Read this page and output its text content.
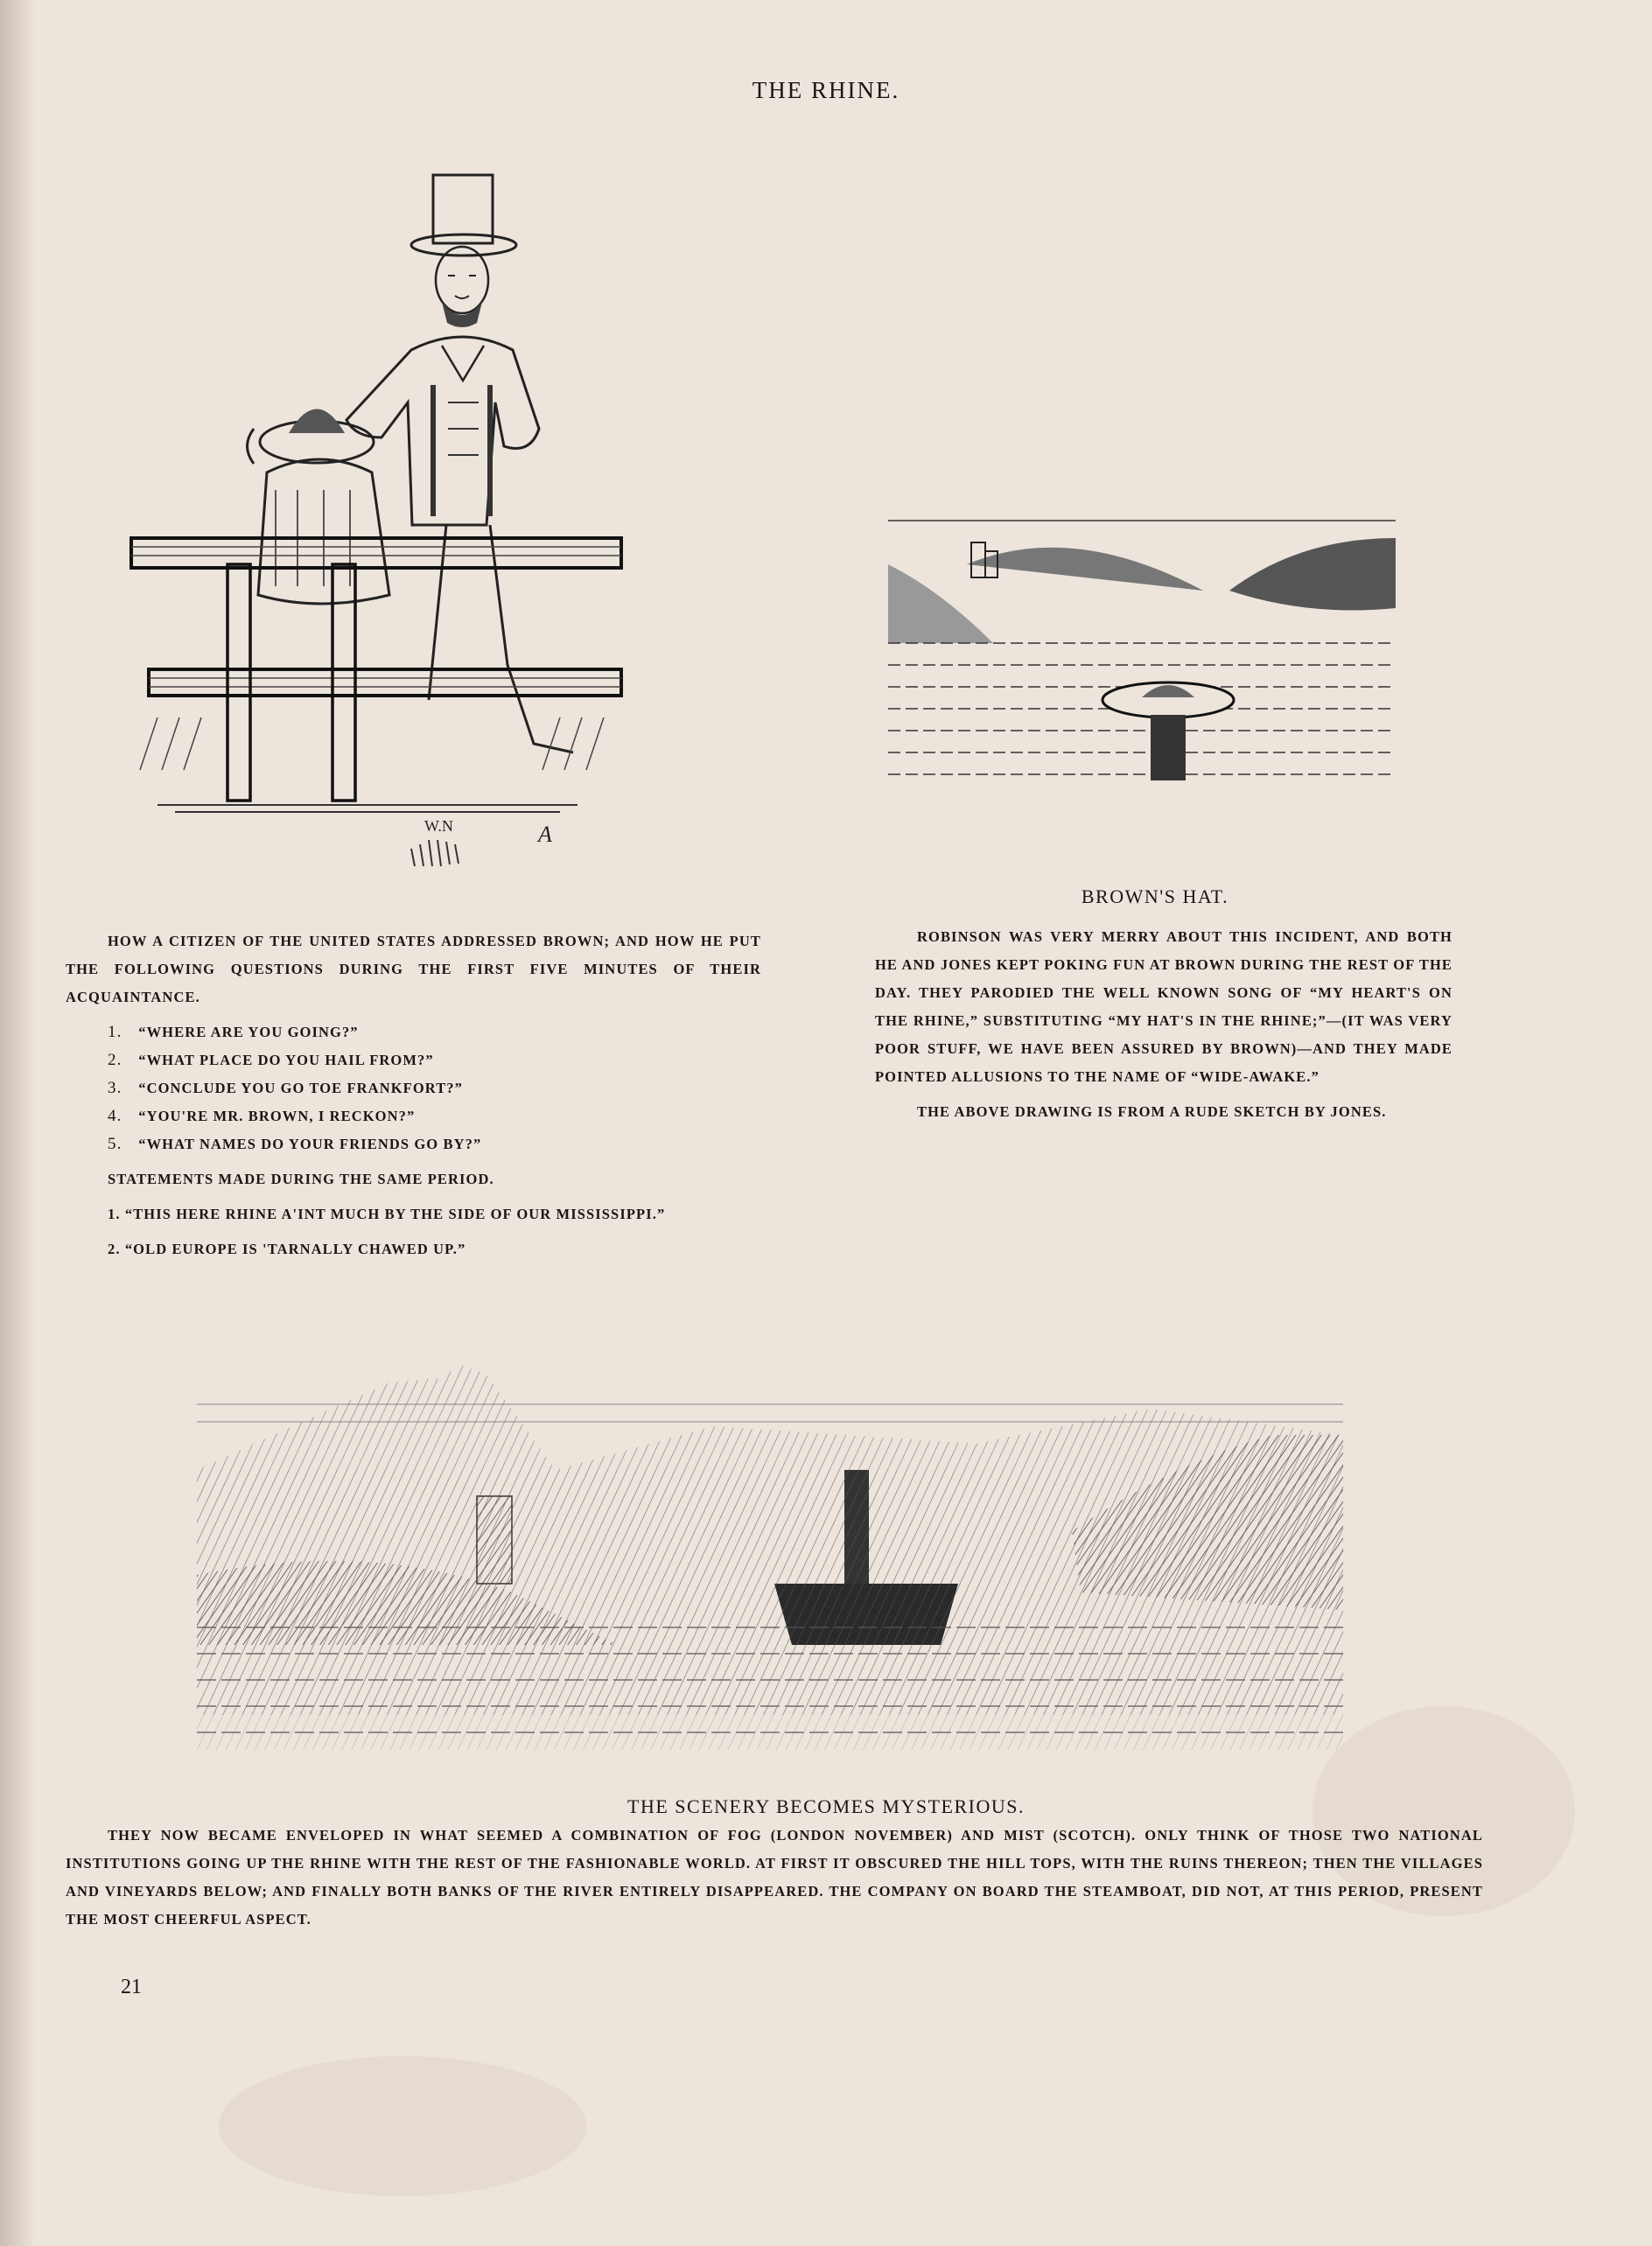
THE RHINE.
W.N	A
BROWN'S HAT.

HOW A CITIZEN OF THE UNITED STATES ADDRESSED BROWN; AND HOW HE PUT THE FOLLOWING QUESTIONS DURING THE FIRST FIVE MINUTES OF THEIR ACQUAINTANCE.

1. “WHERE ARE YOU GOING?”
2. “WHAT PLACE DO YOU HAIL FROM?”
3. “CONCLUDE YOU GO TOE FRANKFORT?”
4. “YOU'RE MR. BROWN, I RECKON?”
5. “WHAT NAMES DO YOUR FRIENDS GO BY?”

STATEMENTS MADE DURING THE SAME PERIOD.

1. “THIS HERE RHINE A'INT MUCH BY THE SIDE OF OUR MISSISSIPPI.”

2. “OLD EUROPE IS 'TARNALLY CHAWED UP.”

ROBINSON WAS VERY MERRY ABOUT THIS INCIDENT, AND BOTH HE AND JONES KEPT POKING FUN AT BROWN DURING THE REST OF THE DAY. THEY PARODIED THE WELL KNOWN SONG OF “MY HEART'S ON THE RHINE,” SUBSTITUTING “MY HAT'S IN THE RHINE;”—(IT WAS VERY POOR STUFF, WE HAVE BEEN ASSURED BY BROWN)—AND THEY MADE POINTED ALLUSIONS TO THE NAME OF “WIDE-AWAKE.”

THE ABOVE DRAWING IS FROM A RUDE SKETCH BY JONES.

THE SCENERY BECOMES MYSTERIOUS.

THEY NOW BECAME ENVELOPED IN WHAT SEEMED A COMBINATION OF FOG (LONDON NOVEMBER) AND MIST (SCOTCH). ONLY THINK OF THOSE TWO NATIONAL INSTITUTIONS GOING UP THE RHINE WITH THE REST OF THE FASHIONABLE WORLD. AT FIRST IT OBSCURED THE HILL TOPS, WITH THE RUINS THEREON; THEN THE VILLAGES AND VINEYARDS BELOW; AND FINALLY BOTH BANKS OF THE RIVER ENTIRELY DISAPPEARED. THE COMPANY ON BOARD THE STEAMBOAT, DID NOT, AT THIS PERIOD, PRESENT THE MOST CHEERFUL ASPECT.

21
